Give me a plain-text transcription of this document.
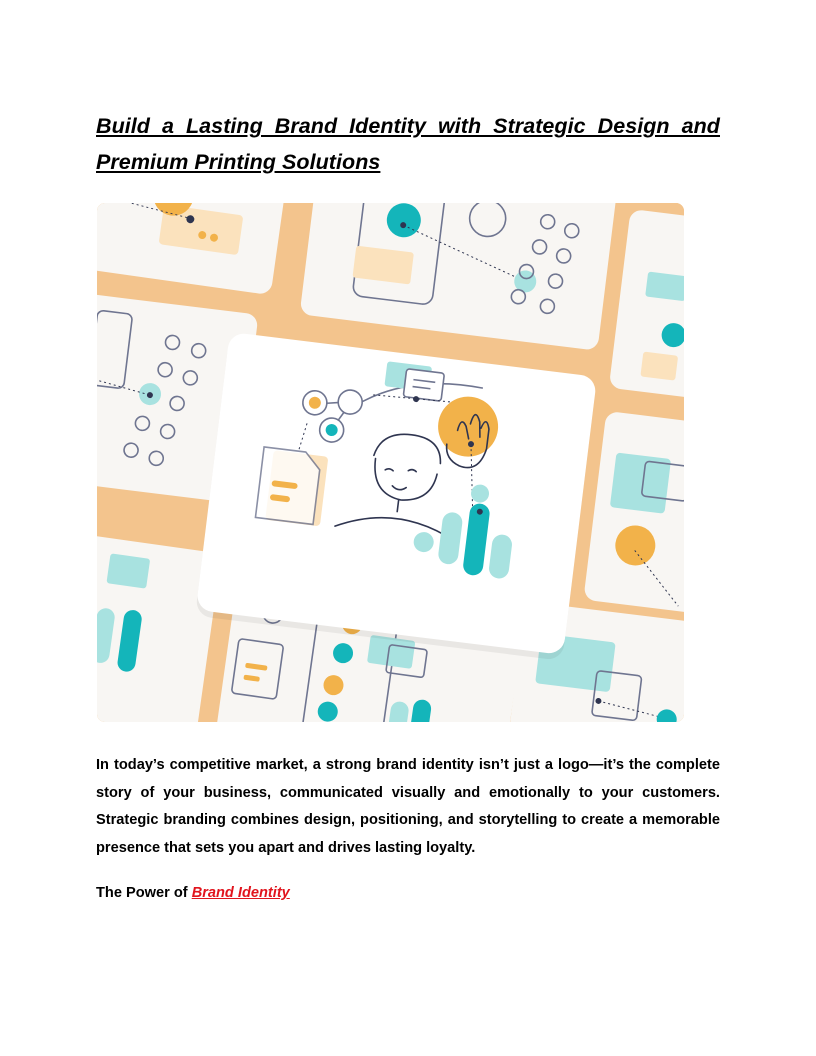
Build a Lasting Brand Identity with Strategic Design and Premium Printing Solutions

In today’s competitive market, a strong brand identity isn’t just a logo—it’s the complete story of your business, communicated visually and emotionally to your customers. Strategic branding combines design, positioning, and storytelling to create a memorable presence that sets you apart and drives lasting loyalty.

The Power of Brand Identity
